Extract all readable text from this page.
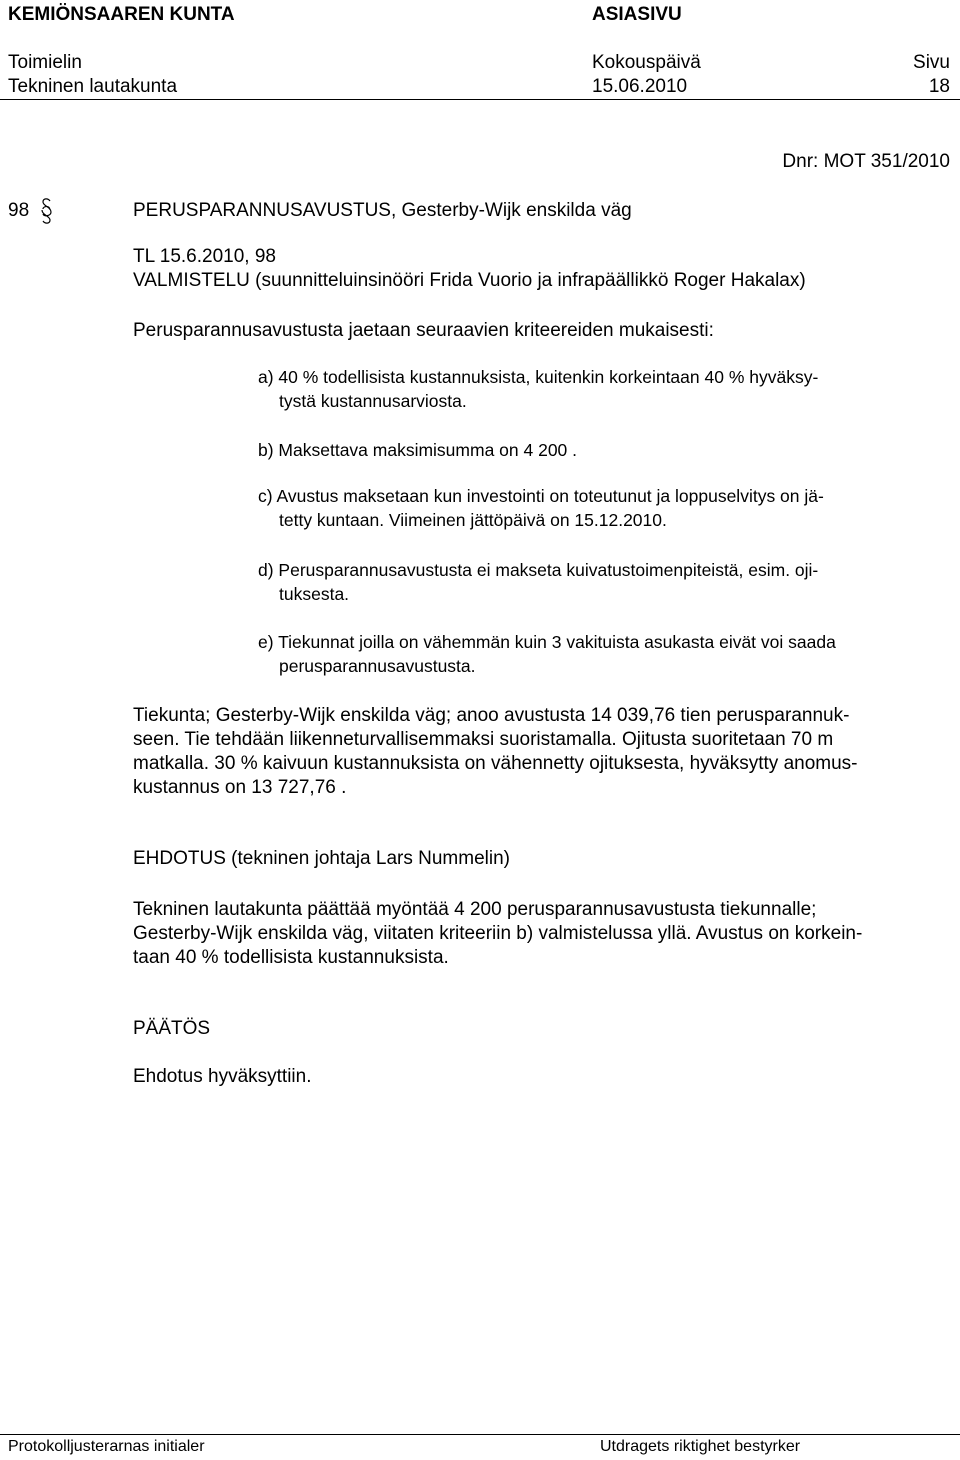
KEMIÖNSAAREN KUNTA	ASIASIVU
Toimielin
Tekninen lautakunta
Kokouspäivä
15.06.2010
Sivu
18
Dnr: MOT 351/2010
98	PERUSPARANNUSAVUSTUS, Gesterby-Wijk enskilda väg
TL 15.6.2010, 98
VALMISTELU (suunnitteluinsinööri Frida Vuorio ja infrapäällikkö Roger Hakalax)
Perusparannusavustusta jaetaan seuraavien kriteereiden mukaisesti:
a) 40 % todellisista kustannuksista, kuitenkin korkeintaan 40 % hyväksy-
tystä kustannusarviosta.
b) Maksettava maksimisumma on 4 200 .
c) Avustus maksetaan kun investointi on toteutunut ja loppuselvitys on jä-
tetty kuntaan. Viimeinen jättöpäivä on 15.12.2010.
d) Perusparannusavustusta ei makseta kuivatustoimenpiteistä, esim. oji-
tuksesta.
e) Tiekunnat joilla on vähemmän kuin 3 vakituista asukasta eivät voi saada
perusparannusavustusta.
Tiekunta; Gesterby-Wijk enskilda väg; anoo avustusta 14 039,76 tien perusparannuk-
seen. Tie tehdään liikenneturvallisemmaksi suoristamalla. Ojitusta suoritetaan 70 m
matkalla. 30 % kaivuun kustannuksista on vähennetty ojituksesta, hyväksytty anomus-
kustannus on 13 727,76 .
EHDOTUS (tekninen johtaja Lars Nummelin)
Tekninen lautakunta päättää myöntää 4 200 perusparannusavustusta tiekunnalle;
Gesterby-Wijk enskilda väg, viitaten kriteeriin b) valmistelussa yllä. Avustus on korkein-
taan 40 % todellisista kustannuksista.
PÄÄTÖS
Ehdotus hyväksyttiin.
Protokolljusterarnas initialer	Utdragets riktighet bestyrker
